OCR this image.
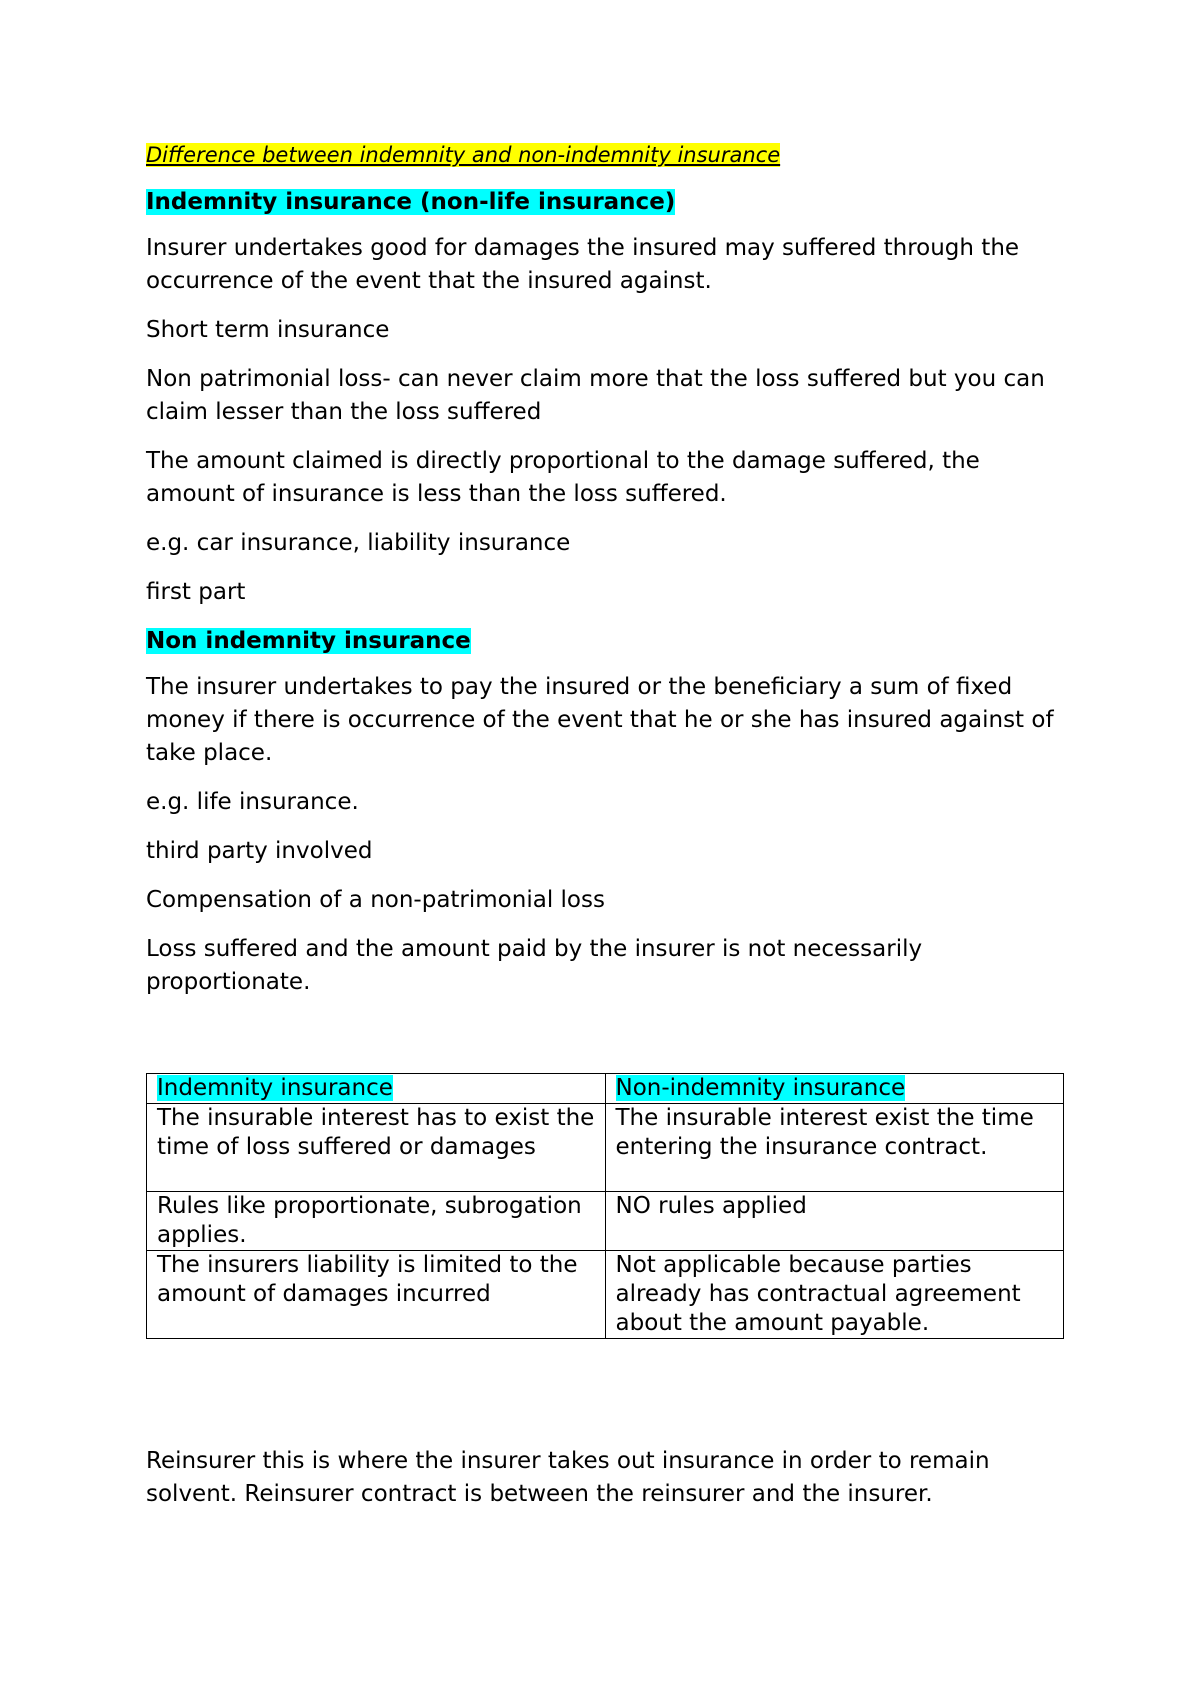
Difference between indemnity and non-indemnity insurance

Indemnity insurance (non-life insurance)

Insurer undertakes good for damages the insured may suffered through the occurrence of the event that the insured against.

Short term insurance

Non patrimonial loss- can never claim more that the loss suffered but you can claim lesser than the loss suffered

The amount claimed is directly proportional to the damage suffered, the amount of insurance is less than the loss suffered.

e.g. car insurance, liability insurance

first part

Non indemnity insurance

The insurer undertakes to pay the insured or the beneficiary a sum of fixed money if there is occurrence of the event that he or she has insured against of take place.

e.g. life insurance.

third party involved

Compensation of a non-patrimonial loss

Loss suffered and the amount paid by the insurer is not necessarily proportionate.

Indemnity insurance	Non-indemnity insurance
The insurable interest has to exist the time of loss suffered or damages	The insurable interest exist the time entering the insurance contract.
Rules like proportionate, subrogation applies.	NO rules applied
The insurers liability is limited to the amount of damages incurred	Not applicable because parties already has contractual agreement about the amount payable.

Reinsurer this is where the insurer takes out insurance in order to remain solvent. Reinsurer contract is between the reinsurer and the insurer.
